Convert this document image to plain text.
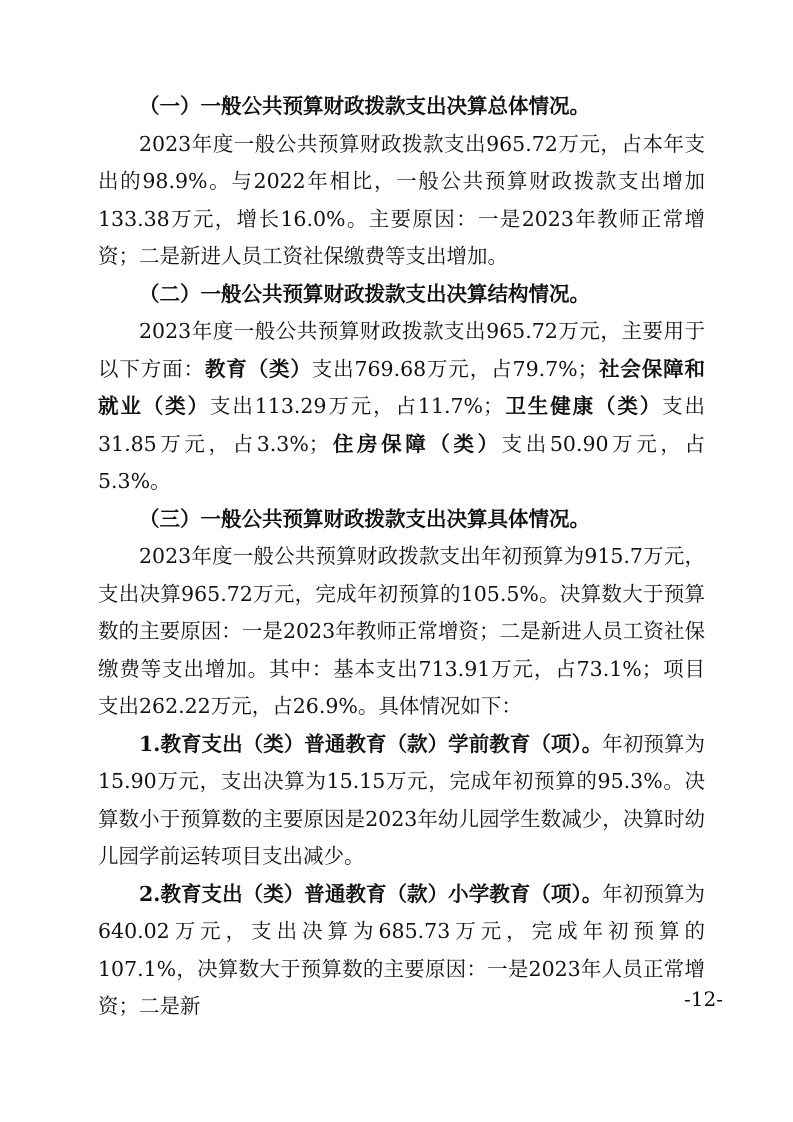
（一）一般公共预算财政拨款支出决算总体情况。

2023年度一般公共预算财政拨款支出965.72万元，占本年支出的98.9%。与2022年相比，一般公共预算财政拨款支出增加133.38万元，增长16.0%。主要原因：一是2023年教师正常增资；二是新进人员工资社保缴费等支出增加。

（二）一般公共预算财政拨款支出决算结构情况。

2023年度一般公共预算财政拨款支出965.72万元，主要用于以下方面：教育（类）支出769.68万元，占79.7%；社会保障和就业（类）支出113.29万元，占11.7%；卫生健康（类）支出31.85万元，占3.3%；住房保障（类）支出50.90万元，占5.3%。

（三）一般公共预算财政拨款支出决算具体情况。

2023年度一般公共预算财政拨款支出年初预算为915.7万元，支出决算965.72万元，完成年初预算的105.5%。决算数大于预算数的主要原因：一是2023年教师正常增资；二是新进人员工资社保缴费等支出增加。其中：基本支出713.91万元，占73.1%；项目支出262.22万元，占26.9%。具体情况如下：

1.教育支出（类）普通教育（款）学前教育（项）。年初预算为15.90万元，支出决算为15.15万元，完成年初预算的95.3%。决算数小于预算数的主要原因是2023年幼儿园学生数减少，决算时幼儿园学前运转项目支出减少。

2.教育支出（类）普通教育（款）小学教育（项）。年初预算为640.02万元，支出决算为685.73万元，完成年初预算的107.1%，决算数大于预算数的主要原因：一是2023年人员正常增资；二是新	-12-
